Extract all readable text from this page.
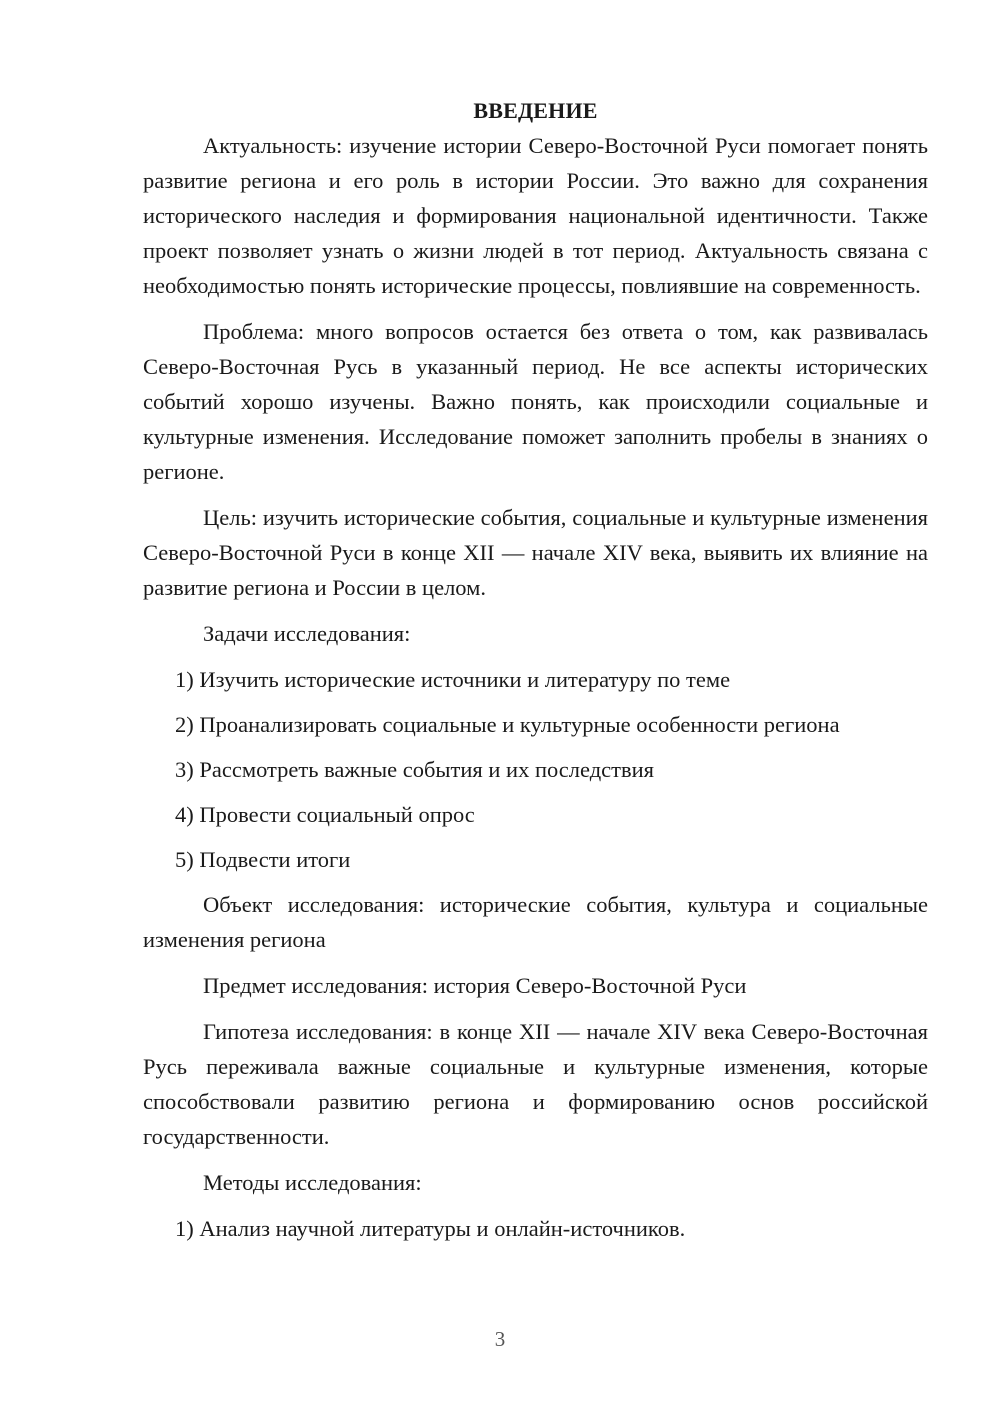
ВВЕДЕНИЕ

Актуальность: изучение истории Северо-Восточной Руси помогает понять развитие региона и его роль в истории России. Это важно для сохранения исторического наследия и формирования национальной идентичности. Также проект позволяет узнать о жизни людей в тот период. Актуальность связана с необходимостью понять исторические процессы, повлиявшие на современность.

Проблема: много вопросов остается без ответа о том, как развивалась Северо-Восточная Русь в указанный период. Не все аспекты исторических событий хорошо изучены. Важно понять, как происходили социальные и культурные изменения. Исследование поможет заполнить пробелы в знаниях о регионе.

Цель: изучить исторические события, социальные и культурные изменения Северо-Восточной Руси в конце XII — начале XIV века, выявить их влияние на развитие региона и России в целом.

Задачи исследования:

1) Изучить исторические источники и литературу по теме

2) Проанализировать социальные и культурные особенности региона

3) Рассмотреть важные события и их последствия

4) Провести социальный опрос

5) Подвести итоги

Объект исследования: исторические события, культура и социальные изменения региона

Предмет исследования: история Северо-Восточной Руси

Гипотеза исследования: в конце XII — начале XIV века Северо-Восточная Русь переживала важные социальные и культурные изменения, которые способствовали развитию региона и формированию основ российской государственности.

Методы исследования:

1) Анализ научной литературы и онлайн-источников.

3
